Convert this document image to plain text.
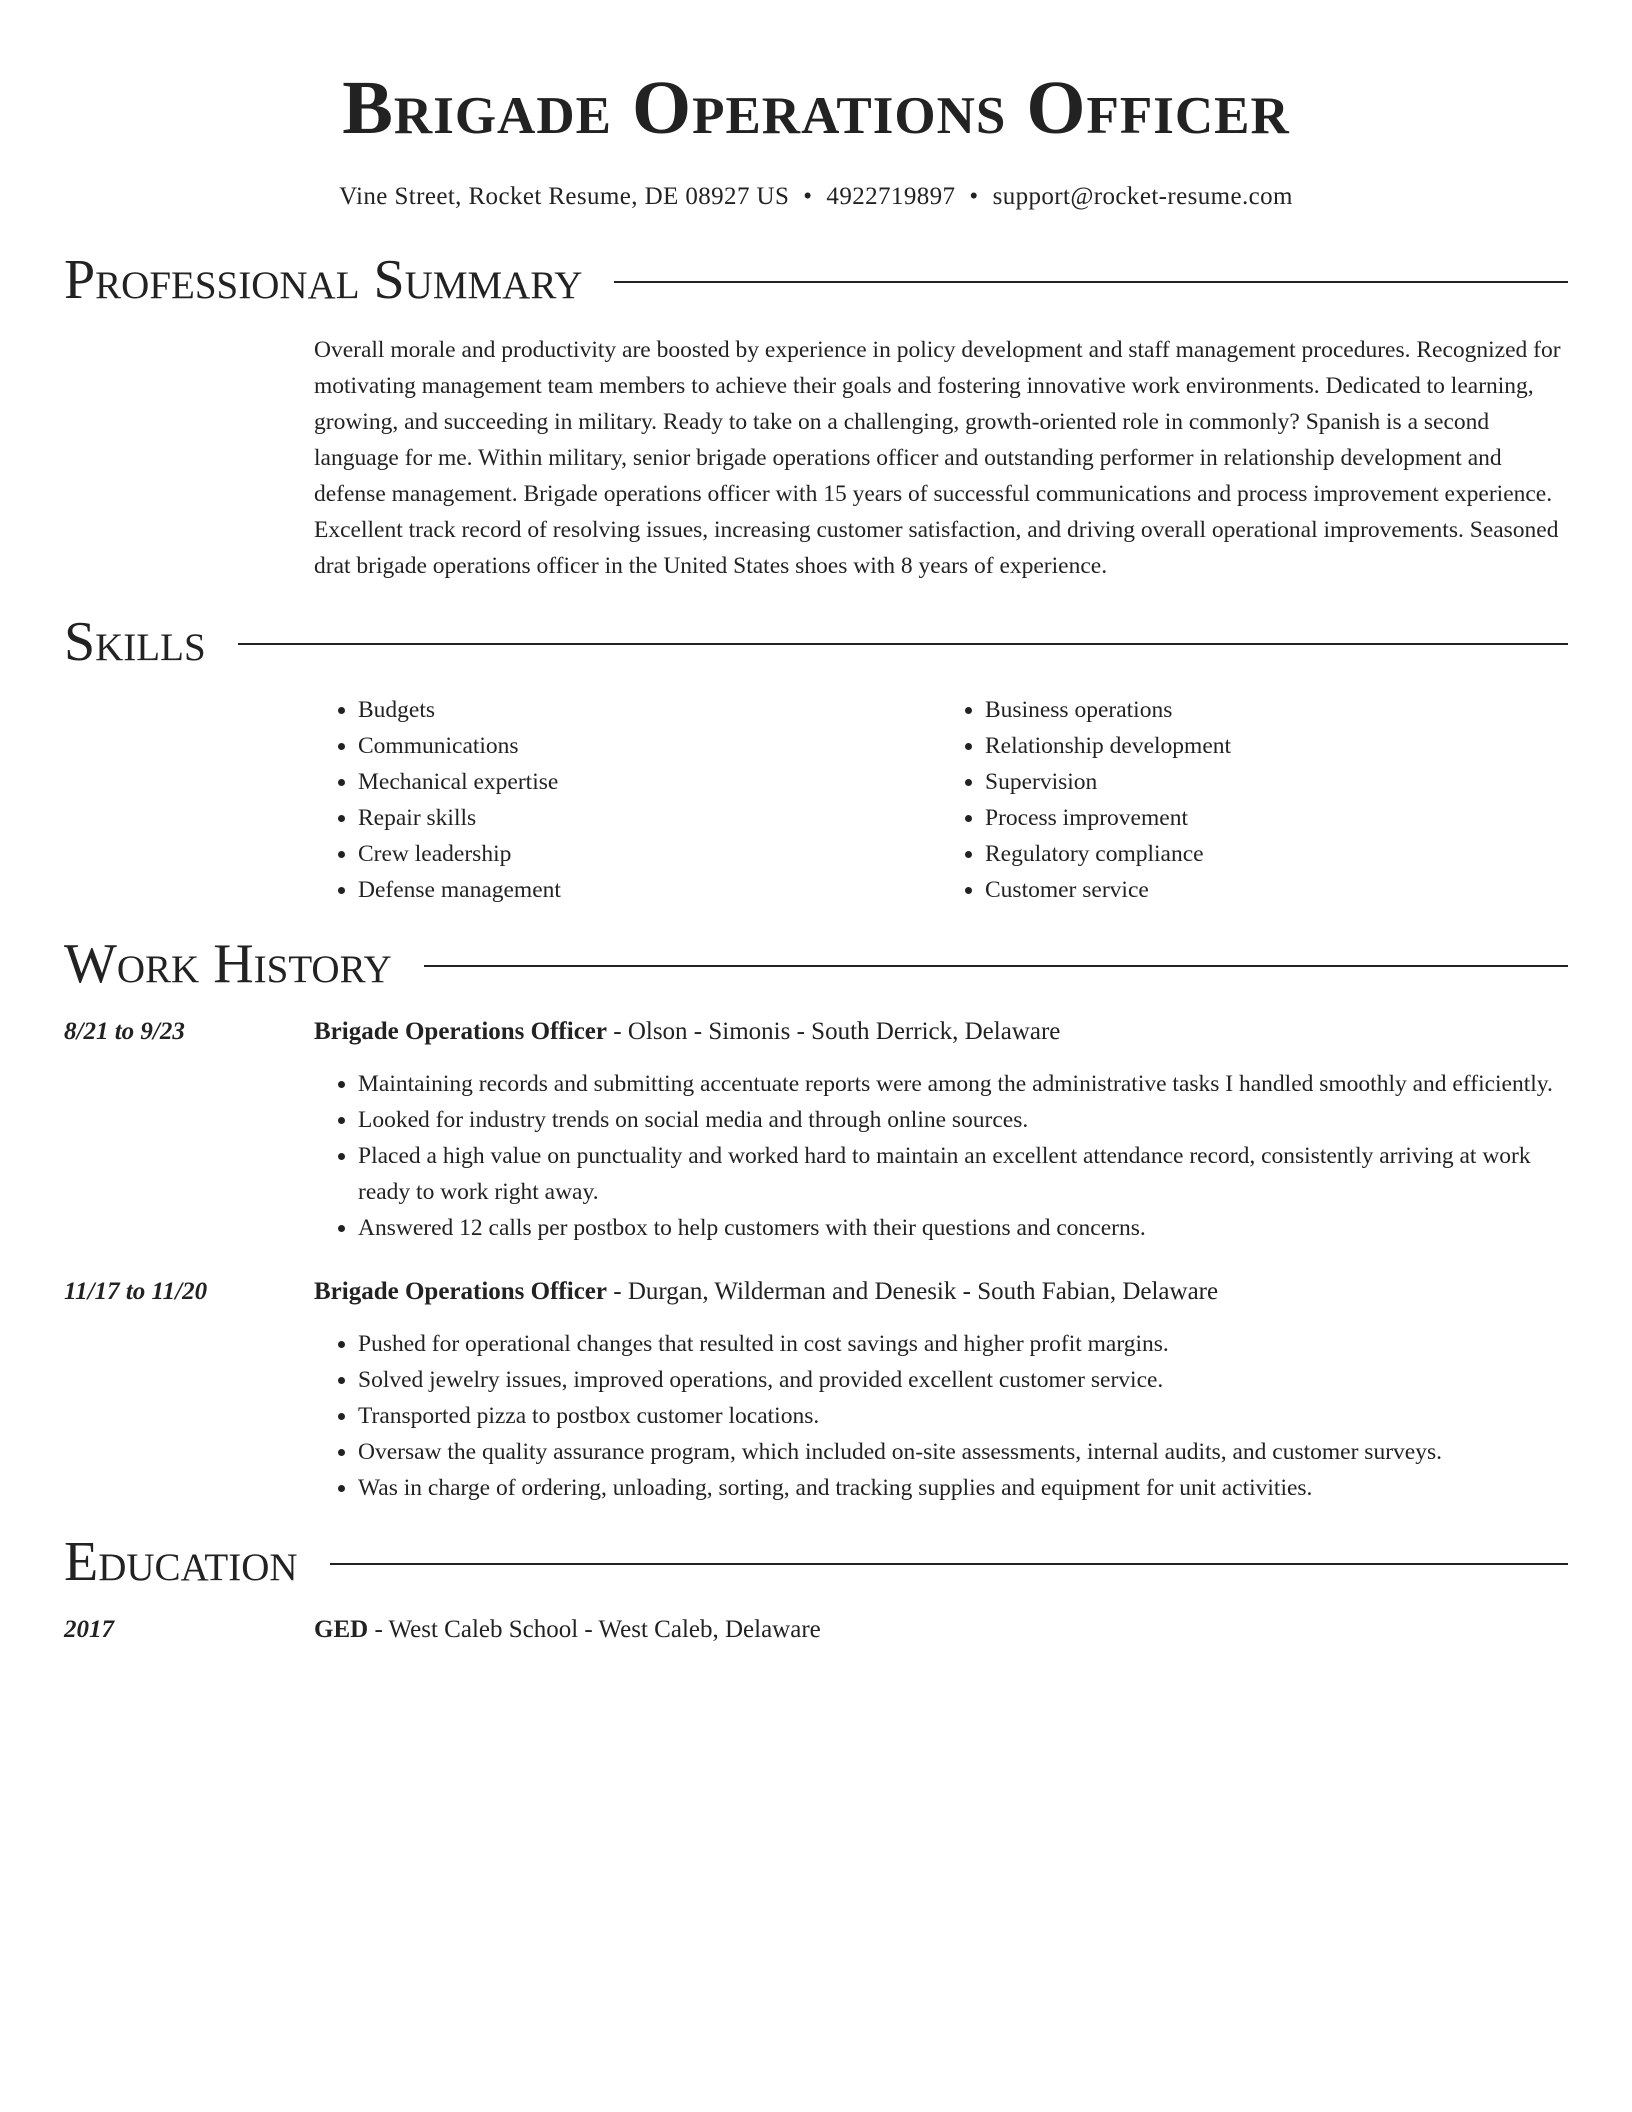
Brigade Operations Officer
Vine Street, Rocket Resume, DE 08927 US • 4922719897 • support@rocket-resume.com
Professional Summary
Overall morale and productivity are boosted by experience in policy development and staff management procedures. Recognized for motivating management team members to achieve their goals and fostering innovative work environments. Dedicated to learning, growing, and succeeding in military. Ready to take on a challenging, growth-oriented role in commonly? Spanish is a second language for me. Within military, senior brigade operations officer and outstanding performer in relationship development and defense management. Brigade operations officer with 15 years of successful communications and process improvement experience. Excellent track record of resolving issues, increasing customer satisfaction, and driving overall operational improvements. Seasoned drat brigade operations officer in the United States shoes with 8 years of experience.
Skills
• Budgets
• Communications
• Mechanical expertise
• Repair skills
• Crew leadership
• Defense management
• Business operations
• Relationship development
• Supervision
• Process improvement
• Regulatory compliance
• Customer service
Work History
8/21 to 9/23	Brigade Operations Officer - Olson - Simonis - South Derrick, Delaware
• Maintaining records and submitting accentuate reports were among the administrative tasks I handled smoothly and efficiently.
• Looked for industry trends on social media and through online sources.
• Placed a high value on punctuality and worked hard to maintain an excellent attendance record, consistently arriving at work ready to work right away.
• Answered 12 calls per postbox to help customers with their questions and concerns.
11/17 to 11/20	Brigade Operations Officer - Durgan, Wilderman and Denesik - South Fabian, Delaware
• Pushed for operational changes that resulted in cost savings and higher profit margins.
• Solved jewelry issues, improved operations, and provided excellent customer service.
• Transported pizza to postbox customer locations.
• Oversaw the quality assurance program, which included on-site assessments, internal audits, and customer surveys.
• Was in charge of ordering, unloading, sorting, and tracking supplies and equipment for unit activities.
Education
2017	GED - West Caleb School - West Caleb, Delaware
